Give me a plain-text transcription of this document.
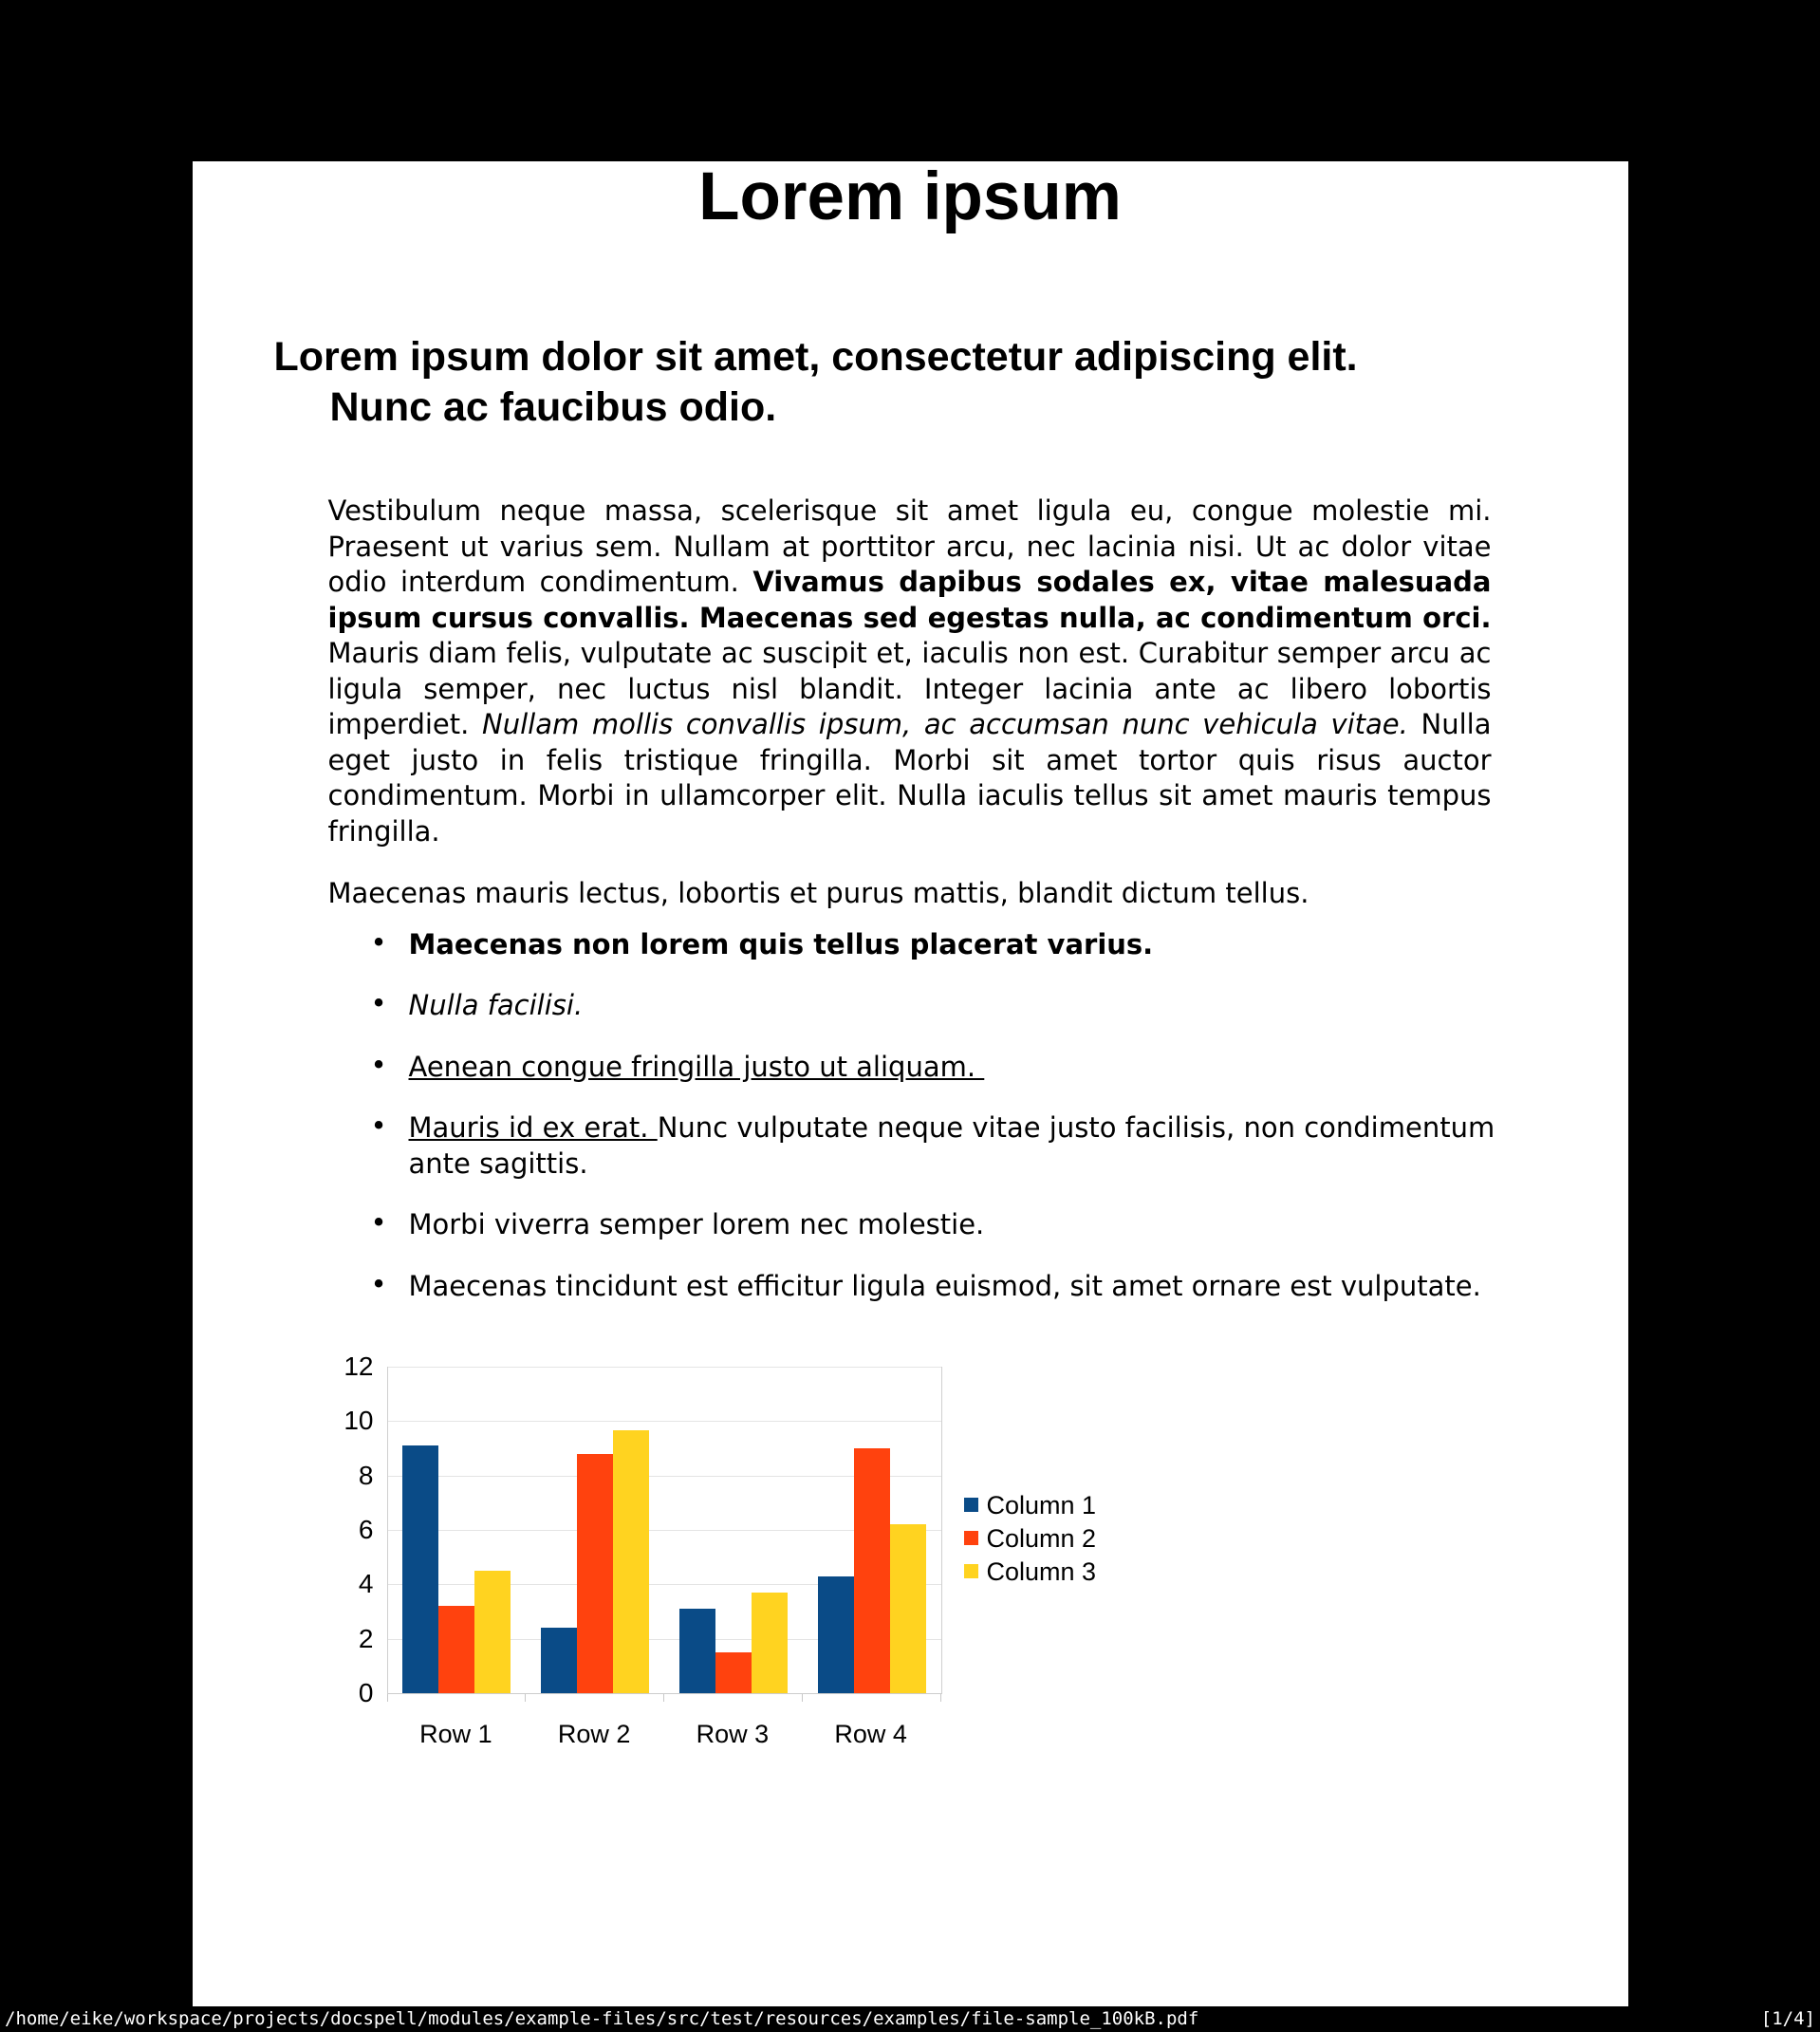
Lorem ipsum
Lorem ipsum dolor sit amet, consectetur adipiscing elit.
Nunc ac faucibus odio.

Vestibulum neque massa, scelerisque sit amet ligula eu, congue molestie mi. Praesent ut varius sem. Nullam at porttitor arcu, nec lacinia nisi. Ut ac dolor vitae odio interdum condimentum. Vivamus dapibus sodales ex, vitae malesuada ipsum cursus convallis. Maecenas sed egestas nulla, ac condimentum orci. Mauris diam felis, vulputate ac suscipit et, iaculis non est. Curabitur semper arcu ac ligula semper, nec luctus nisl blandit. Integer lacinia ante ac libero lobortis imperdiet. Nullam mollis convallis ipsum, ac accumsan nunc vehicula vitae. Nulla eget justo in felis tristique fringilla. Morbi sit amet tortor quis risus auctor condimentum. Morbi in ullamcorper elit. Nulla iaculis tellus sit amet mauris tempus fringilla.

Maecenas mauris lectus, lobortis et purus mattis, blandit dictum tellus.

• Maecenas non lorem quis tellus placerat varius.
• Nulla facilisi.
• Aenean congue fringilla justo ut aliquam.
• Mauris id ex erat. Nunc vulputate neque vitae justo facilisis, non condimentum ante sagittis.
• Morbi viverra semper lorem nec molestie.
• Maecenas tincidunt est efficitur ligula euismod, sit amet ornare est vulputate.
0
2
4
6
8
10
12
Row 1	Row 2	Row 3	Row 4
Column 1
Column 2
Column 3
/home/eike/workspace/projects/docspell/modules/example-files/src/test/resources/examples/file-sample_100kB.pdf	[1/4]
